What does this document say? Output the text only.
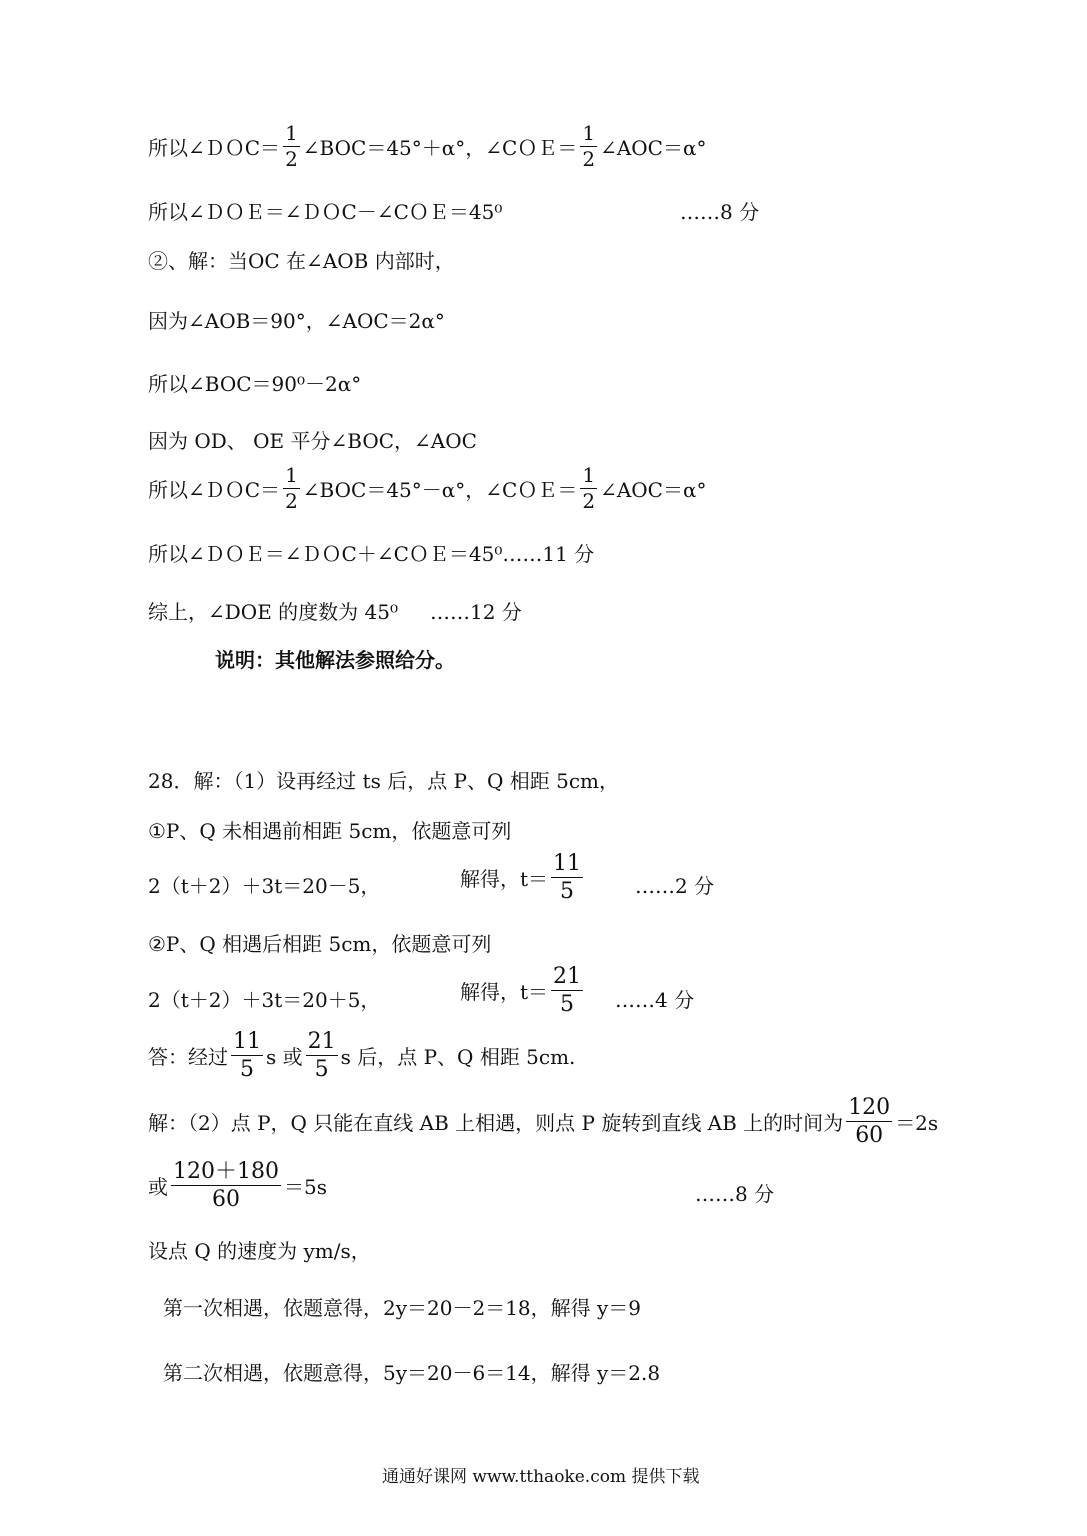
所以∠ＤＯC＝ $\frac{1}{2}$ ∠BOC＝45°＋α°，∠CＯＥ＝ $\frac{1}{2}$ ∠AOC＝α°
所以∠ＤＯＥ＝∠ＤＯC－∠CＯＥ＝45⁰	……8 分
②、解：当OC 在∠AOB 内部时，
因为∠AOB＝90°，∠AOC＝2α°
所以∠BOC＝90⁰－2α°
因为 OD、 OE 平分∠BOC，∠AOC
所以∠ＤＯC＝ $\frac{1}{2}$ ∠BOC＝45°－α°，∠CＯＥ＝ $\frac{1}{2}$ ∠AOC＝α°
所以∠ＤＯＥ＝∠ＤＯC＋∠CＯＥ＝45⁰……11 分
综上，∠DOE 的度数为 45⁰ ……12 分
说明：其他解法参照给分。
28．解：（1）设再经过 ts 后，点 P、Q 相距 5cm，
①P、Q 未相遇前相距 5cm，依题意可列
2（t＋2）＋3t＝20－5，	解得，$t= \frac{11}{5}$	……2 分
②P、Q 相遇后相距 5cm，依题意可列
2（t＋2）＋3t＝20＋5，	解得，$t= \frac{21}{5}$ ……4 分
答：经过 $\frac{11}{5}$ s 或 $\frac{21}{5}$ s 后，点 P、Q 相距 5cm.
解：（2）点 P，Q 只能在直线 AB 上相遇，则点 P 旋转到直线 AB 上的时间为 $\frac{120}{60} =2s$
或 $\frac{120+180}{60} =5s$	……8 分
设点 Q 的速度为 ym/s，
第一次相遇，依题意得，2y＝20－2＝18，解得 y＝9
第二次相遇，依题意得，5y＝20－6＝14，解得 y＝2.8
通通好课网 www.tthaoke.com 提供下载
